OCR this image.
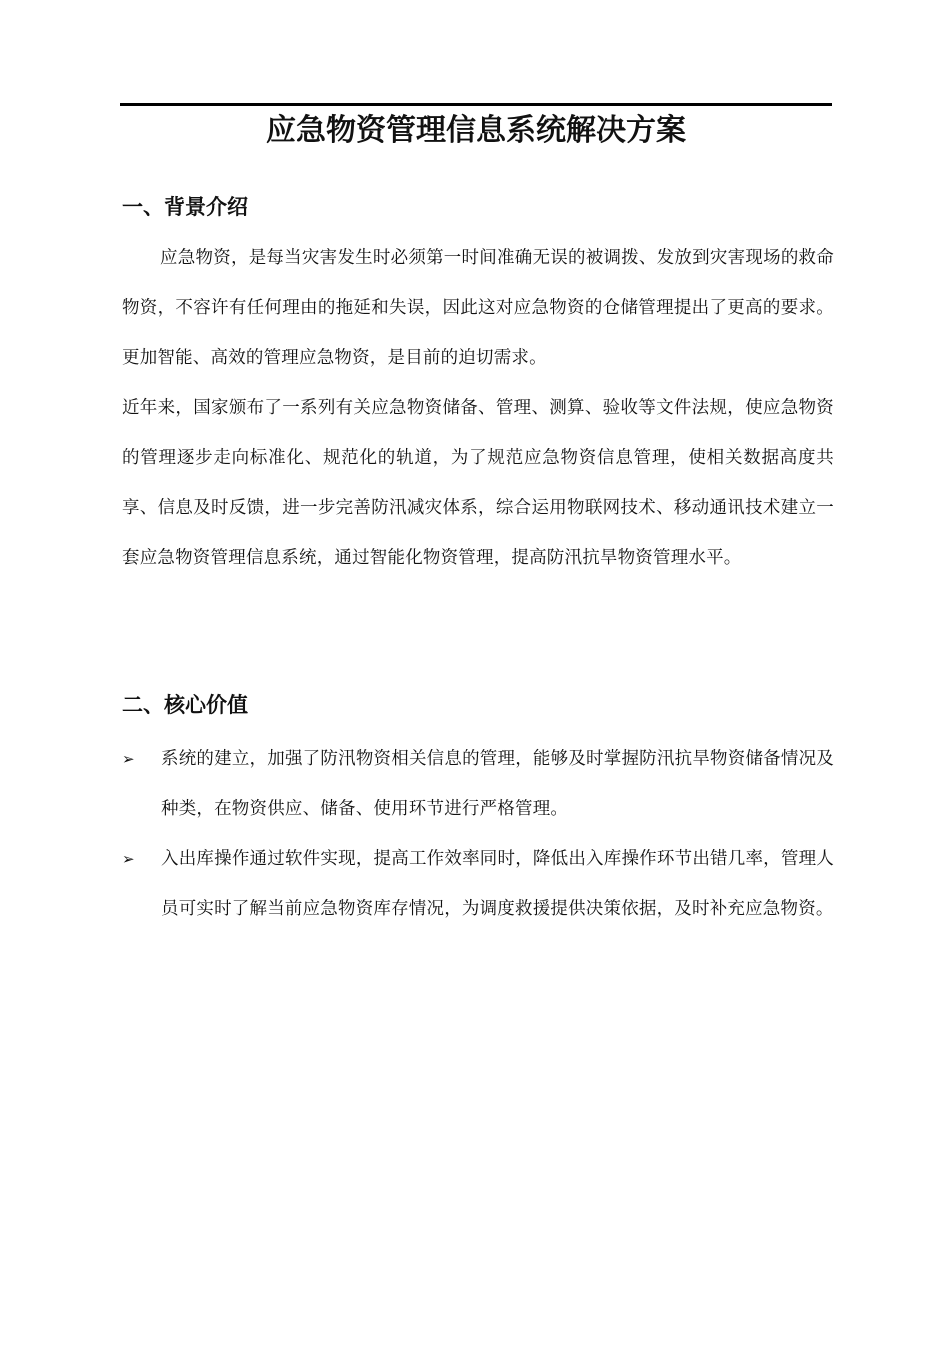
应急物资管理信息系统解决方案
一、背景介绍

应急物资，是每当灾害发生时必须第一时间准确无误的被调拨、发放到灾害现场的救命物资，不容许有任何理由的拖延和失误，因此这对应急物资的仓储管理提出了更高的要求。更加智能、高效的管理应急物资，是目前的迫切需求。

近年来，国家颁布了一系列有关应急物资储备、管理、测算、验收等文件法规，使应急物资的管理逐步走向标准化、规范化的轨道，为了规范应急物资信息管理，使相关数据高度共享、信息及时反馈，进一步完善防汛减灾体系，综合运用物联网技术、移动通讯技术建立一套应急物资管理信息系统，通过智能化物资管理，提高防汛抗旱物资管理水平。

二、核心价值
➢	系统的建立，加强了防汛物资相关信息的管理，能够及时掌握防汛抗旱物资储备情况及种类，在物资供应、储备、使用环节进行严格管理。
➢	入出库操作通过软件实现，提高工作效率同时，降低出入库操作环节出错几率，管理人员可实时了解当前应急物资库存情况，为调度救援提供决策依据，及时补充应急物资。
